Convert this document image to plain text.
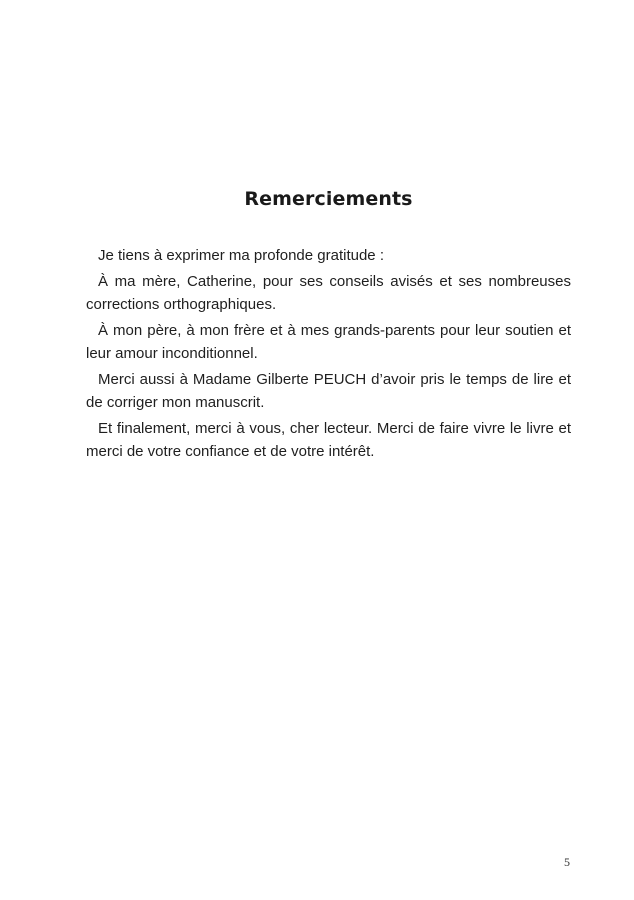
Remerciements

Je tiens à exprimer ma profonde gratitude :

À ma mère, Catherine, pour ses conseils avisés et ses nombreuses corrections orthographiques.

À mon père, à mon frère et à mes grands-parents pour leur soutien et leur amour inconditionnel.

Merci aussi à Madame Gilberte PEUCH d’avoir pris le temps de lire et de corriger mon manuscrit.

Et finalement, merci à vous, cher lecteur. Merci de faire vivre le livre et merci de votre confiance et de votre intérêt.

5
